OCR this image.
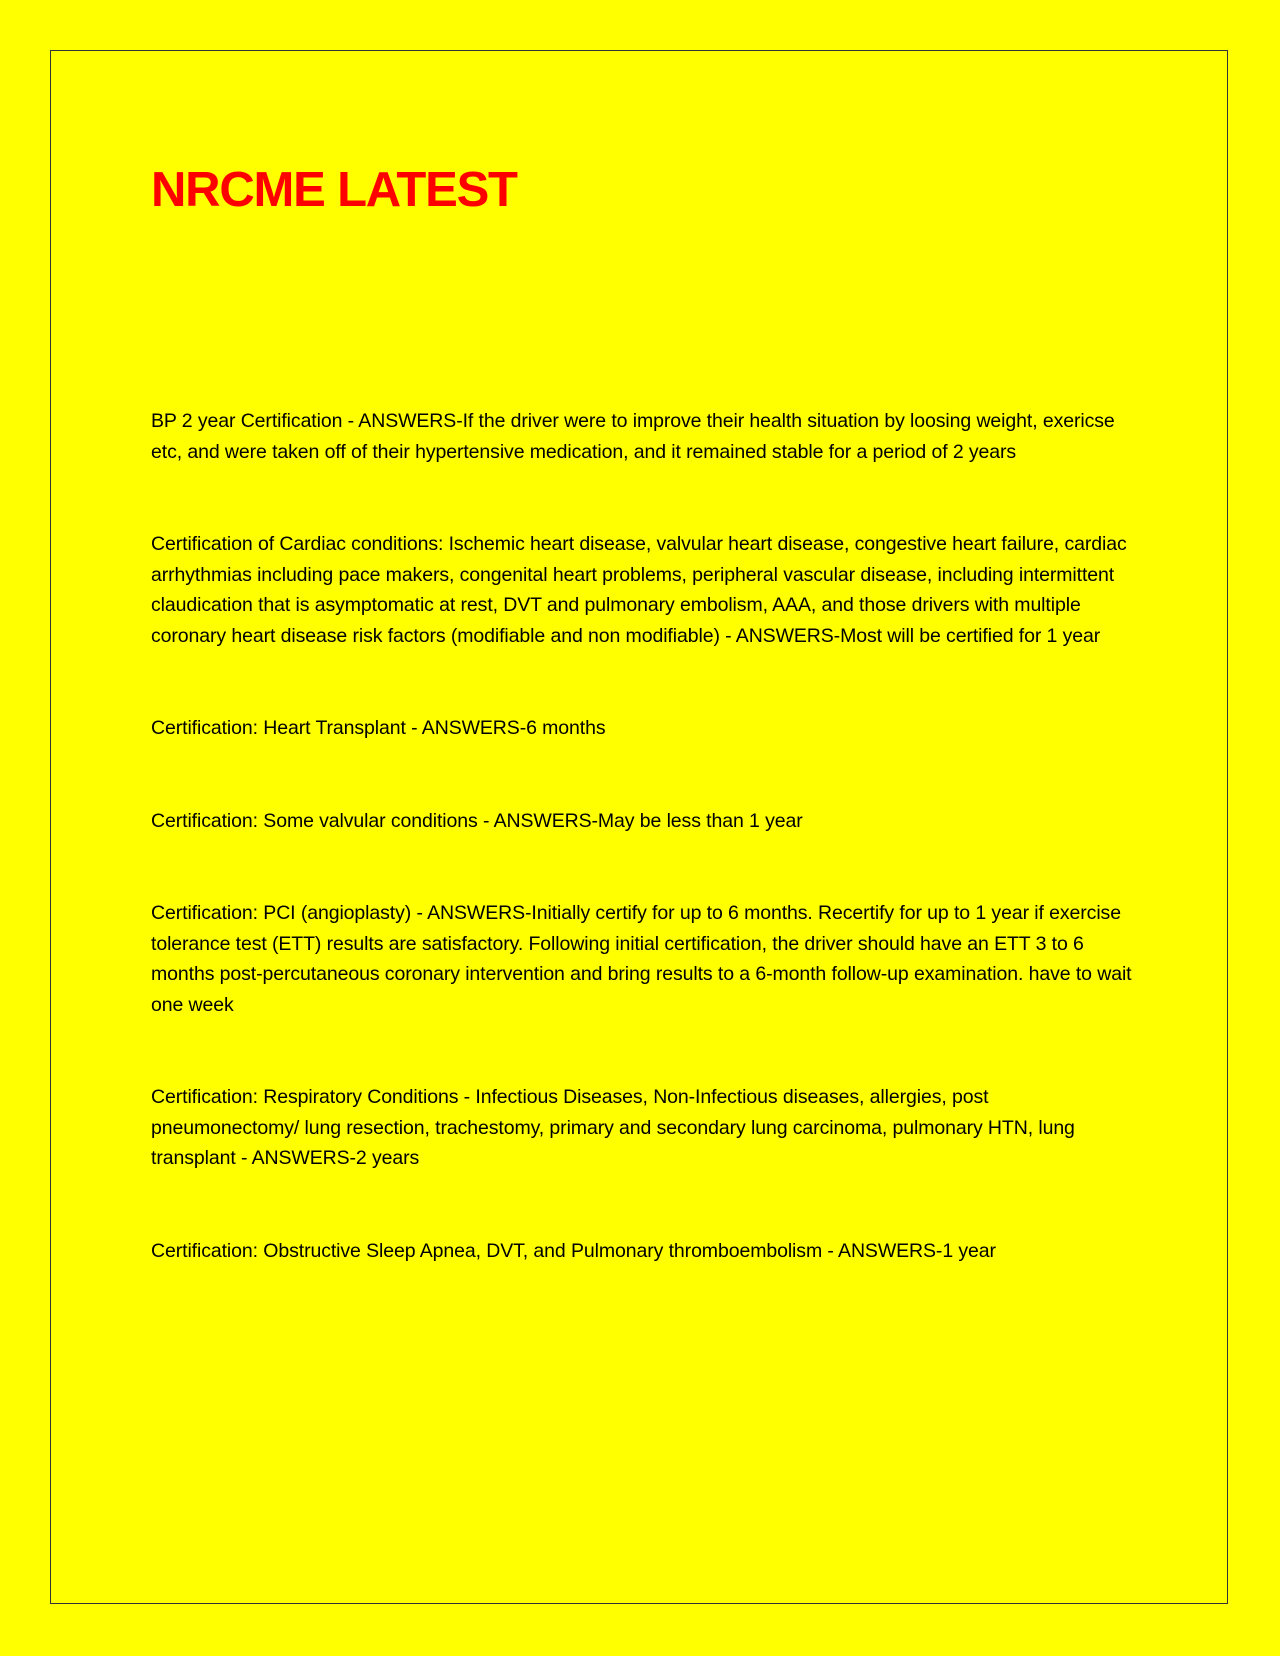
NRCME LATEST

BP 2 year Certification - ANSWERS-If the driver were to improve their health situation by loosing weight, exericse etc, and were taken off of their hypertensive medication, and it remained stable for a period of 2 years

Certification of Cardiac conditions: Ischemic heart disease, valvular heart disease, congestive heart failure, cardiac arrhythmias including pace makers, congenital heart problems, peripheral vascular disease, including intermittent claudication that is asymptomatic at rest, DVT and pulmonary embolism, AAA, and those drivers with multiple coronary heart disease risk factors (modifiable and non modifiable) - ANSWERS-Most will be certified for 1 year

Certification: Heart Transplant - ANSWERS-6 months

Certification: Some valvular conditions - ANSWERS-May be less than 1 year

Certification: PCI (angioplasty) - ANSWERS-Initially certify for up to 6 months. Recertify for up to 1 year if exercise tolerance test (ETT) results are satisfactory. Following initial certification, the driver should have an ETT 3 to 6 months post-percutaneous coronary intervention and bring results to a 6-month follow-up examination. have to wait one week

Certification: Respiratory Conditions - Infectious Diseases, Non-Infectious diseases, allergies, post pneumonectomy/ lung resection, trachestomy, primary and secondary lung carcinoma, pulmonary HTN, lung transplant - ANSWERS-2 years

Certification: Obstructive Sleep Apnea, DVT, and Pulmonary thromboembolism - ANSWERS-1 year
